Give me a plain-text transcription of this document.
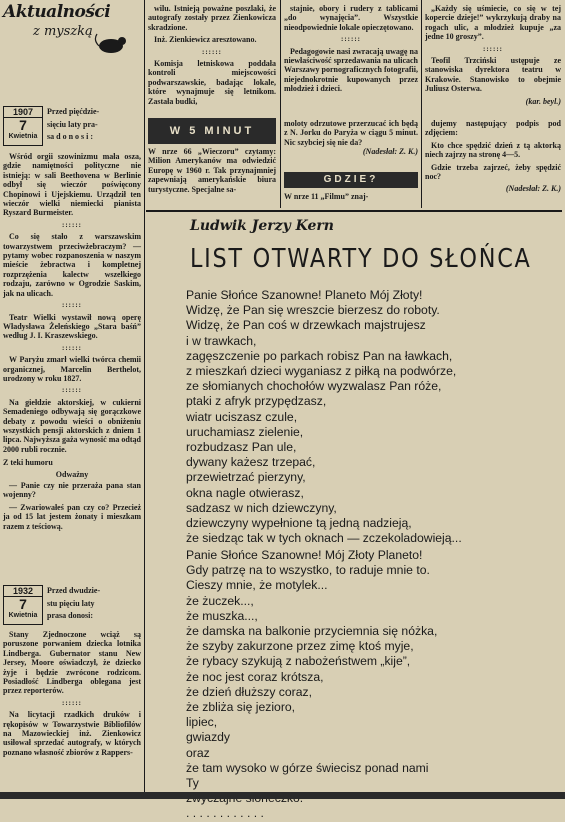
Aktualności
z myszką
1907
7
Kwietnia
Przed pięćdzie-
sięciu laty pra-
sa d o n o s i :

Wśród orgii szowinizmu mała osza, gdzie namiętności polityczne nie istnieją: w sali Beethovena w Berlinie odbył się wieczór poświęcony Chopinowi i Ujejskiemu. Urządził ten wieczór wielki niemiecki pianista Ryszard Burmeister.

::::::

Co się stało z warszawskim towarzystwem przeciwżebraczym? — pytamy wobec rozpanoszenia w naszym mieście żebractwa i kompletnej rozprzężenia kalectw wszelkiego rodzaju, zarówno w Ogrodzie Saskim, jak na ulicach.

::::::

Teatr Wielki wystawił nową operę Władysława Żeleńskiego „Stara baśń” według J. I. Kraszewskiego.

::::::

W Paryżu zmarł wielki twórca chemii organicznej, Marcelin Berthelot, urodzony w roku 1827.

::::::

Na giełdzie aktorskiej, w cukierni Semadeniego odbywają się gorączkowe debaty z powodu wieści o obniżeniu wszystkich pensji aktorskich z dniem 1 lipca. Najwyższa gaża wynosić ma odtąd 2000 rubli rocznie.

Z teki humoru
Odważny

— Panie czy nie przeraża pana stan wojenny?

— Zwariowałeś pan czy co? Przecież ja od 15 lat jestem żonaty i mieszkam razem z teściową.

1932
7
Kwietnia
Przed dwudzie-
stu pięciu laty
prasa donosi:

Stany Zjednoczone wciąż są poruszone porwaniem dziecka lotnika Lindberga. Gubernator stanu New Jersey, Moore oświadczył, że dziecko żyje i będzie zwrócone rodzicom. Posiadłość Lindberga oblegana jest przez reporterów.

::::::

Na licytacji rzadkich druków i rękopisów w Towarzystwie Bibliofilów na Mazowieckiej inż. Zienkowicz usiłował sprzedać autografy, w których poznano własność zbiorów z Rappers-

wilu. Istnieją poważne poszlaki, że autografy zostały przez Zienkowicza skradzione.

Inż. Zienkiewicz aresztowano.

::::::

Komisja letniskowa poddała kontroli miejscowości podwarszawskie, badając lokale, które wynajmuje się letnikom. Zastała budki,

stajnie, obory i rudery z tablicami „do wynajęcia”. Wszystkie nieodpowiednie lokale opieczętowano.

::::::

Pedagogowie nasi zwracają uwagę na niewłaściwość sprzedawania na ulicach Warszawy pornograficznych fotografii, niejednokrotnie kupowanych przez młodzież i dzieci.

„Każdy się uśmiecie, co się w tej kopercie dzieje!” wykrzykują draby na rogach ulic, a młodzież kupuje „za jedne 10 groszy”.

::::::

Teofil Trzciński ustępuje ze stanowiska dyrektora teatru w Krakowie. Stanowisko to obejmie Juliusz Osterwa.

(kar. beyl.)
W 5 MINUT
W nrze 66 „Wieczoru” czytamy: Milion Amerykanów ma odwiedzić Europę w 1960 r. Tak przynajmniej zapewniają amerykańskie biura turystyczne. Specjalne sa-
moloty odrzutowe przerzucać ich będą z N. Jorku do Paryża w ciągu 5 minut. Nic szybciej się nie da?
(Nadesłał: Z. K.)
GDZIE?
W nrze 11 „Filmu” znaj-

dujemy następujący podpis pod zdjęciem:

Kto chce spędzić dzień z tą aktorką niech zajrzy na stronę 4—5.

Gdzie trzeba zajrzeć, żeby spędzić noc?

(Nadesłał: Z. K.)
Ludwik Jerzy Kern
LIST OTWARTY DO SŁOŃCA
Panie Słońce Szanowne! Planeto Mój Złoty!
Widzę, że Pan się wreszcie bierzesz do roboty.
Widzę, że Pan coś w drzewkach majstrujesz
i w trawkach,
zagęszczenie po parkach robisz Pan na ławkach,
z mieszkań dzieci wyganiasz z piłką na podwórze,
ze słomianych chochołów wyzwalasz Pan róże,
ptaki z afryk przypędzasz,
wiatr uciszasz czule,
uruchamiasz zielenie,
rozbudzasz Pan ule,
dywany każesz trzepać,
przewietrzać pierzyny,
okna nagle otwierasz,
sadzasz w nich dziewczyny,
dziewczyny wypełnione tą jedną nadzieją,
że siedząc tak w tych oknach — zczekoladowieją...
Panie Słońce Szanowne! Mój Złoty Planeto!
Gdy patrzę na to wszystko, to raduje mnie to.
Cieszy mnie, że motylek...
że żuczek...,
że muszka...,
że damska na balkonie przyciemnia się nóżka,
że szyby zakurzone przez zimę ktoś myje,
że rybacy szykują z nabożeństwem „kije”,
że noc jest coraz krótsza,
że dzień dłuższy coraz,
że zbliża się jezioro,
lipiec,
gwiazdy
oraz
że tam wysoko w górze świecisz ponad nami
Ty
. . . . . . . . . . . .
